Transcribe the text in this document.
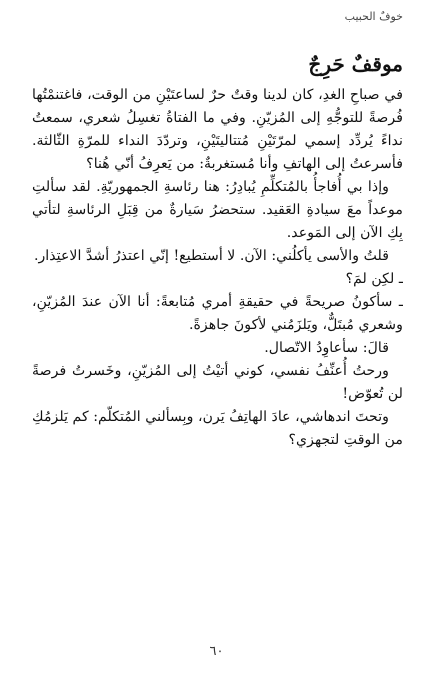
خوفٌ الحبيب
موقفٌ حَرِجٌ

في صباحِ الغدِ، كان لدينا وقتٌ حرٌ لساعتَيْنِ من الوقت، فاغتنمْتُها فُرصةً للتوجُّهِ إلى المُزيّنِ. وفي ما الفتاةُ تغسِلُ شعري، سمعتُ نداءً يُردِّد إسمي لمرّتَيْنِ مُتتاليتَيْنِ، وتردّدَ النداء للمرّةِ الثّالثة. فأسرعتُ إلى الهاتفِ وأنا مُستغربةٌ: من يَعرِفُ أنّي هُنا؟

وإذا بي أُفاجأُ بالمُتكلِّمِ يُبادِرُ: هنا رئاسةِ الجمهوريّةِ. لقد سألتِ موعداً معَ سيادةِ العَقيد. ستحضرُ سَيارةٌ من قِبَلِ الرئاسةِ لتأتي بِكِ الآن إلى المَوعد.

قلتُ والأسى يأكلُني: الآن. لا أستطيع! إنّي اعتذرُ أشدَّ الاعتِذار.

ـ لكِن لمَ؟

ـ سأكونُ صريحةً في حقيقةِ أمري مُتابعةً: أنا الآن عندَ المُزيّنِ، وشعري مُبتَلٌّ، ويَلزَمُني لأكونَ جاهزةً.

قالَ: سأعاوِدُ الاتّصال.

ورحتُ أُعنِّفُ نفسي، كوني أتيْتُ إلى المُزيّنِ، وخَسرتُ فرصةً لن تُعوّض!

وتحتَ اندهاشي، عادَ الهاتِفُ يَرن، وبِسألني المُتكلّم: كم يَلزمُكِ من الوقتِ لتجهزي؟

٦٠
